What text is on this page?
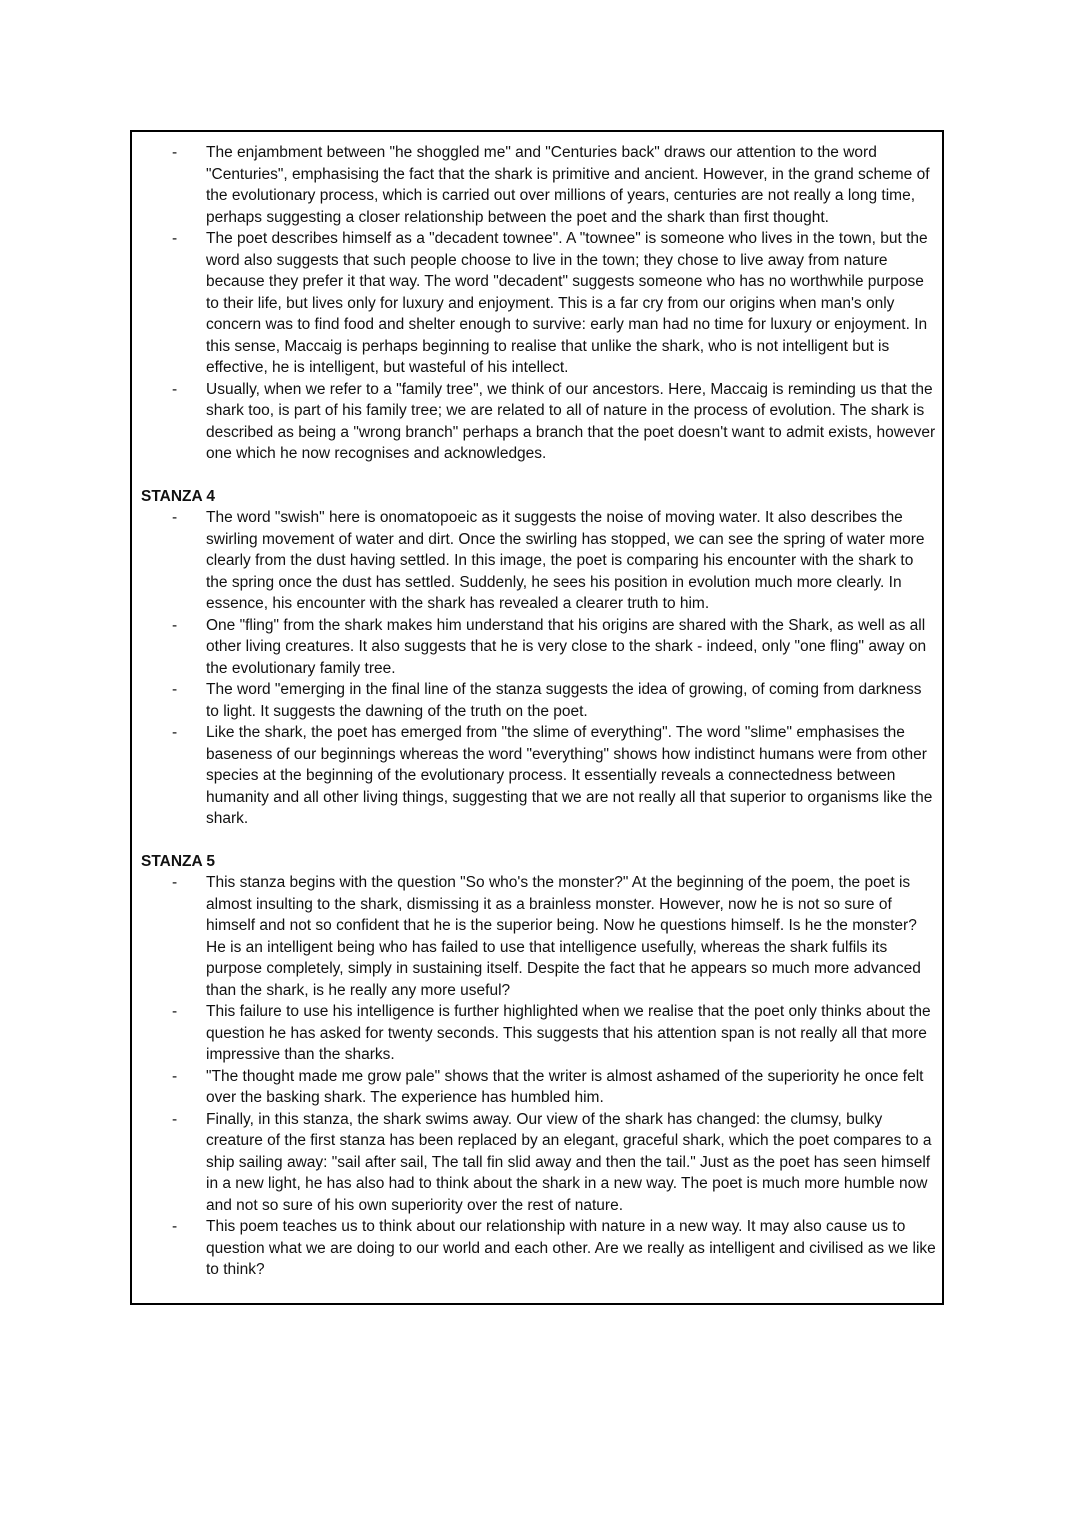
- The enjambment between "he shoggled me" and "Centuries back" draws our attention to the word "Centuries", emphasising the fact that the shark is primitive and ancient. However, in the grand scheme of the evolutionary process, which is carried out over millions of years, centuries are not really a long time, perhaps suggesting a closer relationship between the poet and the shark than first thought.
- The poet describes himself as a "decadent townee". A "townee" is someone who lives in the town, but the word also suggests that such people choose to live in the town; they chose to live away from nature because they prefer it that way. The word "decadent" suggests someone who has no worthwhile purpose to their life, but lives only for luxury and enjoyment. This is a far cry from our origins when man's only concern was to find food and shelter enough to survive: early man had no time for luxury or enjoyment. In this sense, Maccaig is perhaps beginning to realise that unlike the shark, who is not intelligent but is effective, he is intelligent, but wasteful of his intellect.
- Usually, when we refer to a "family tree", we think of our ancestors. Here, Maccaig is reminding us that the shark too, is part of his family tree; we are related to all of nature in the process of evolution. The shark is described as being a "wrong branch" perhaps a branch that the poet doesn't want to admit exists, however one which he now recognises and acknowledges.
STANZA 4
- The word "swish" here is onomatopoeic as it suggests the noise of moving water. It also describes the swirling movement of water and dirt. Once the swirling has stopped, we can see the spring of water more clearly from the dust having settled. In this image, the poet is comparing his encounter with the shark to the spring once the dust has settled. Suddenly, he sees his position in evolution much more clearly. In essence, his encounter with the shark has revealed a clearer truth to him.
- One "fling" from the shark makes him understand that his origins are shared with the Shark, as well as all other living creatures. It also suggests that he is very close to the shark - indeed, only "one fling" away on the evolutionary family tree.
- The word "emerging in the final line of the stanza suggests the idea of growing, of coming from darkness to light. It suggests the dawning of the truth on the poet.
- Like the shark, the poet has emerged from "the slime of everything". The word "slime" emphasises the baseness of our beginnings whereas the word "everything" shows how indistinct humans were from other species at the beginning of the evolutionary process. It essentially reveals a connectedness between humanity and all other living things, suggesting that we are not really all that superior to organisms like the shark.
STANZA 5
- This stanza begins with the question "So who's the monster?" At the beginning of the poem, the poet is almost insulting to the shark, dismissing it as a brainless monster. However, now he is not so sure of himself and not so confident that he is the superior being. Now he questions himself. Is he the monster? He is an intelligent being who has failed to use that intelligence usefully, whereas the shark fulfils its purpose completely, simply in sustaining itself. Despite the fact that he appears so much more advanced than the shark, is he really any more useful?
- This failure to use his intelligence is further highlighted when we realise that the poet only thinks about the question he has asked for twenty seconds. This suggests that his attention span is not really all that more impressive than the sharks.
- "The thought made me grow pale" shows that the writer is almost ashamed of the superiority he once felt over the basking shark. The experience has humbled him.
- Finally, in this stanza, the shark swims away. Our view of the shark has changed: the clumsy, bulky creature of the first stanza has been replaced by an elegant, graceful shark, which the poet compares to a ship sailing away: "sail after sail, The tall fin slid away and then the tail." Just as the poet has seen himself in a new light, he has also had to think about the shark in a new way. The poet is much more humble now and not so sure of his own superiority over the rest of nature.
- This poem teaches us to think about our relationship with nature in a new way. It may also cause us to question what we are doing to our world and each other. Are we really as intelligent and civilised as we like to think?
